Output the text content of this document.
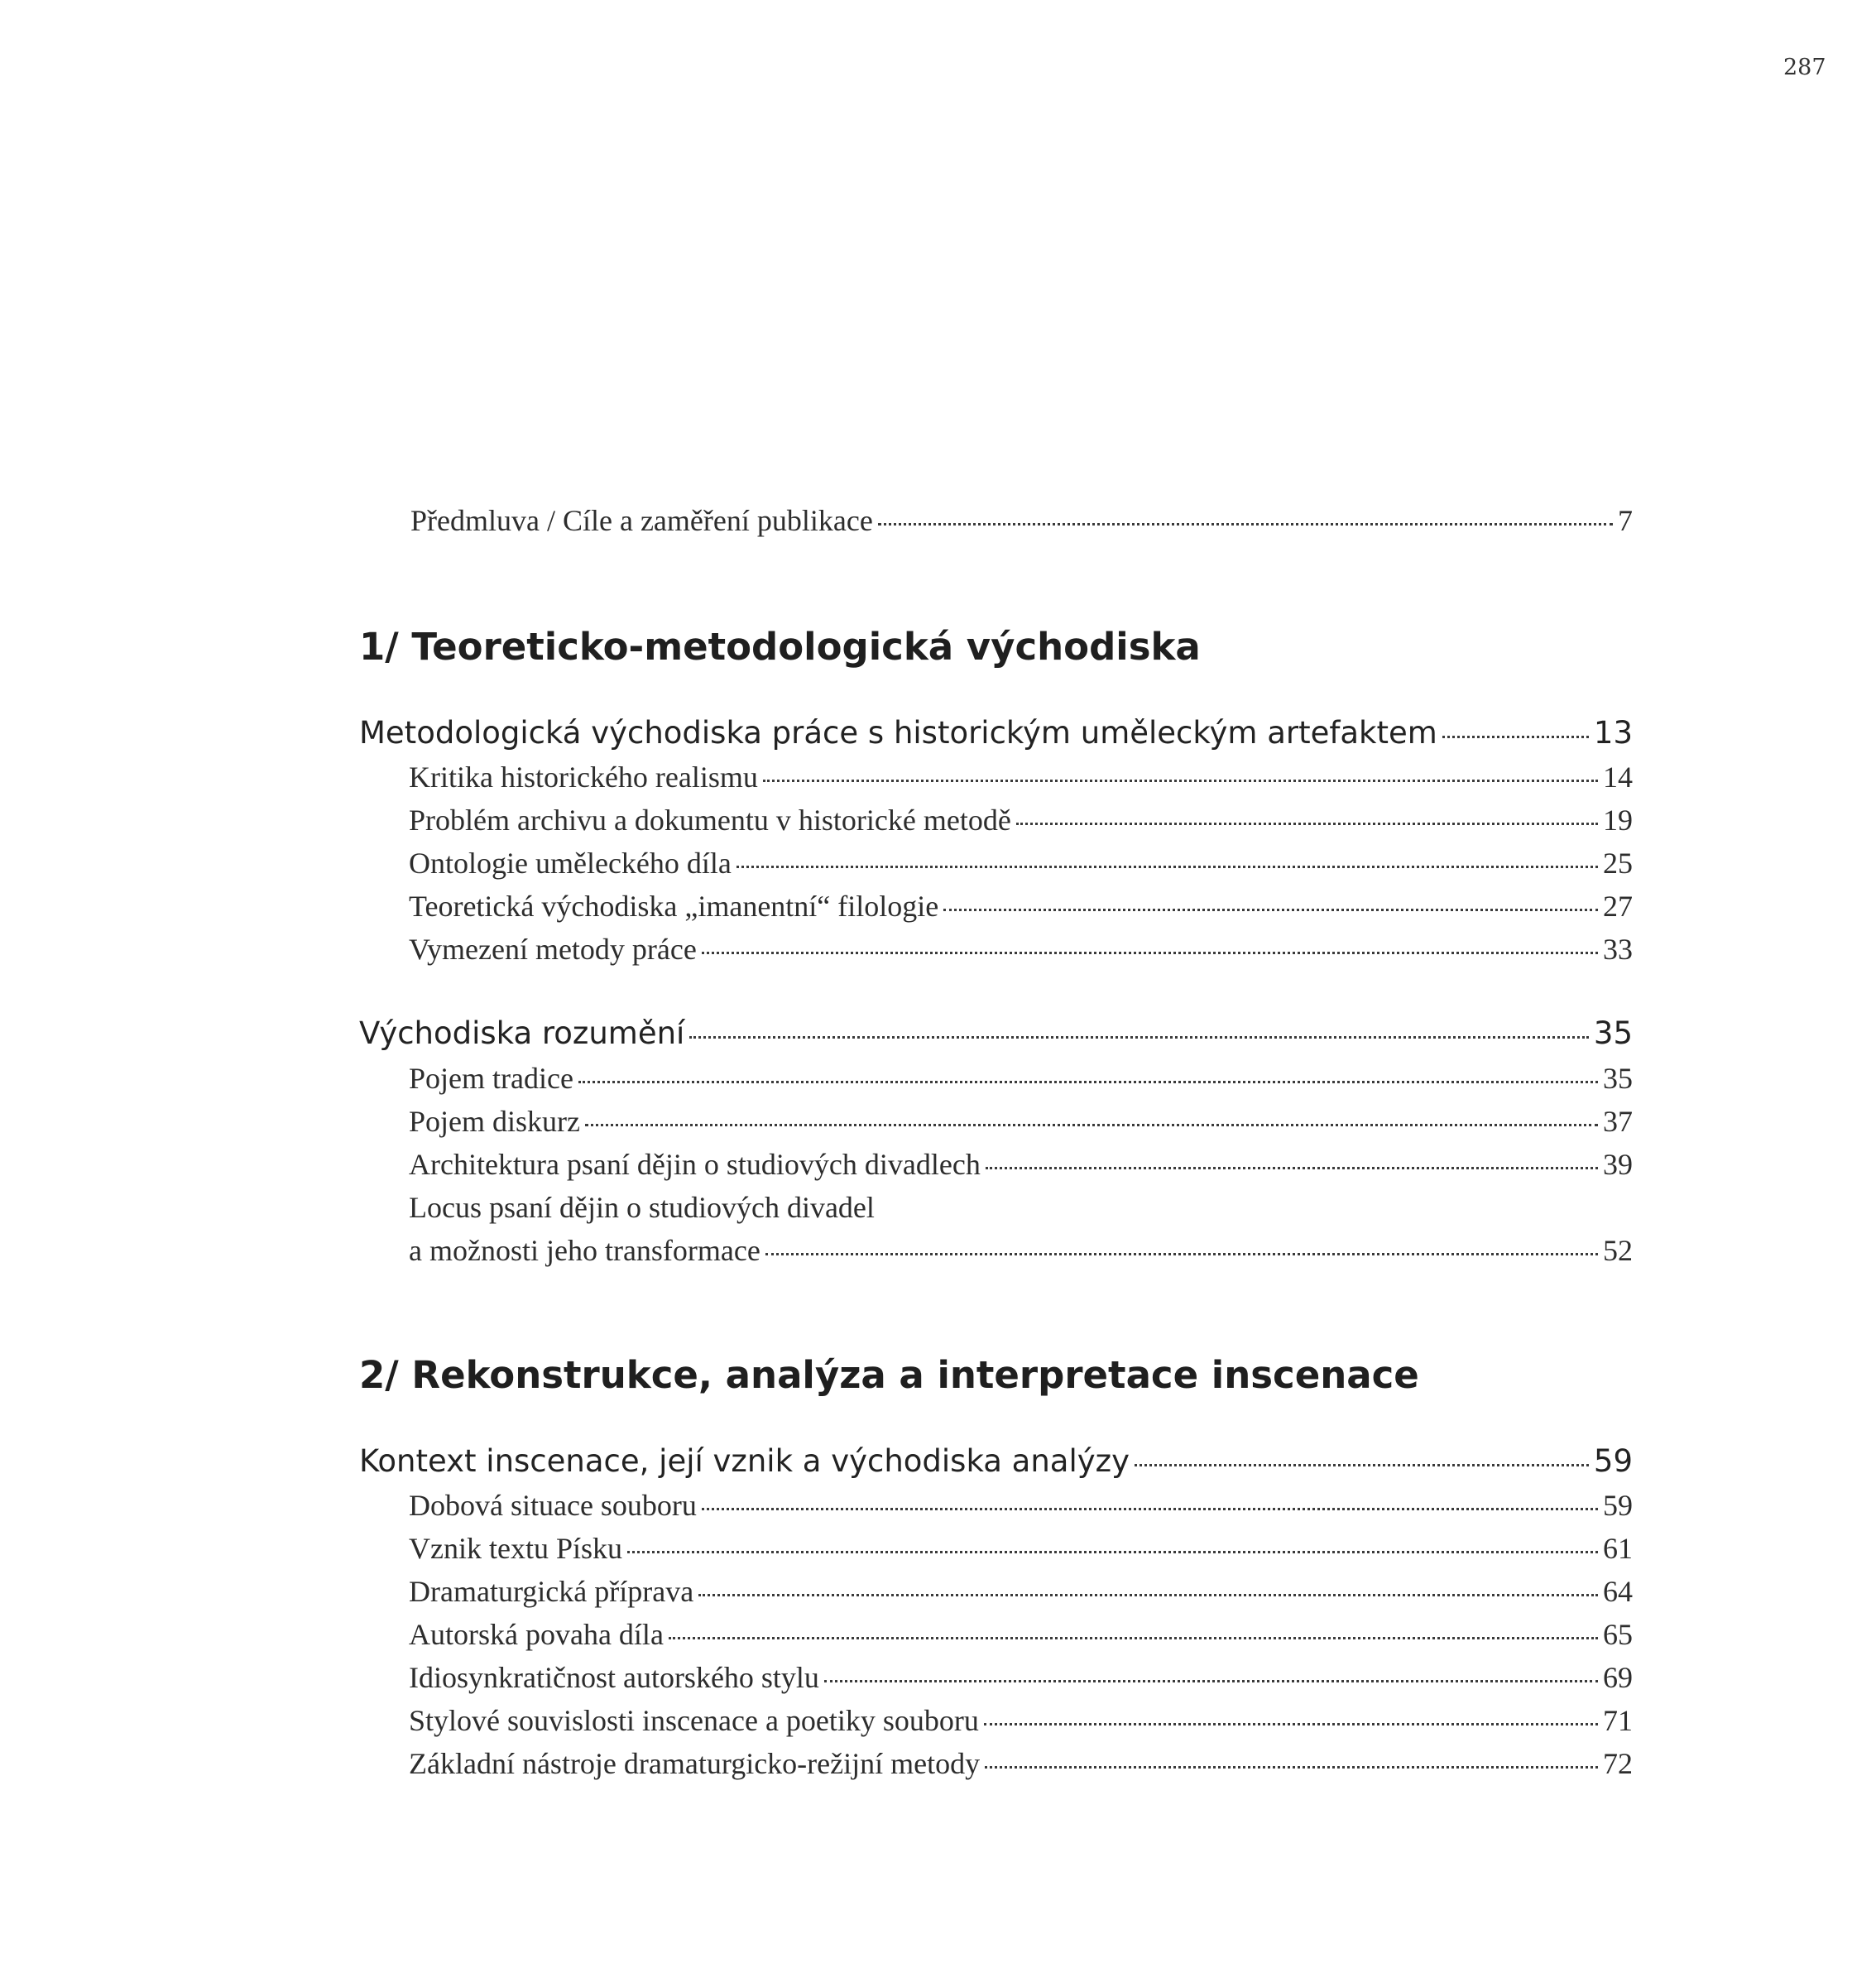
287
Předmluva / Cíle a zaměření publikace	7
1/ Teoreticko-metodologická východiska
Metodologická východiska práce s historickým uměleckým artefaktem	13
Kritika historického realismu	14
Problém archivu a dokumentu v historické metodě	19
Ontologie uměleckého díla	25
Teoretická východiska „imanentní“ filologie	27
Vymezení metody práce	33
Východiska rozumění	35
Pojem tradice	35
Pojem diskurz	37
Architektura psaní dějin o studiových divadlech	39
Locus psaní dějin o studiových divadel
a možnosti jeho transformace	52
2/ Rekonstrukce, analýza a interpretace inscenace
Kontext inscenace, její vznik a východiska analýzy	59
Dobová situace souboru	59
Vznik textu Písku	61
Dramaturgická příprava	64
Autorská povaha díla	65
Idiosynkratičnost autorského stylu	69
Stylové souvislosti inscenace a poetiky souboru	71
Základní nástroje dramaturgicko-režijní metody	72
